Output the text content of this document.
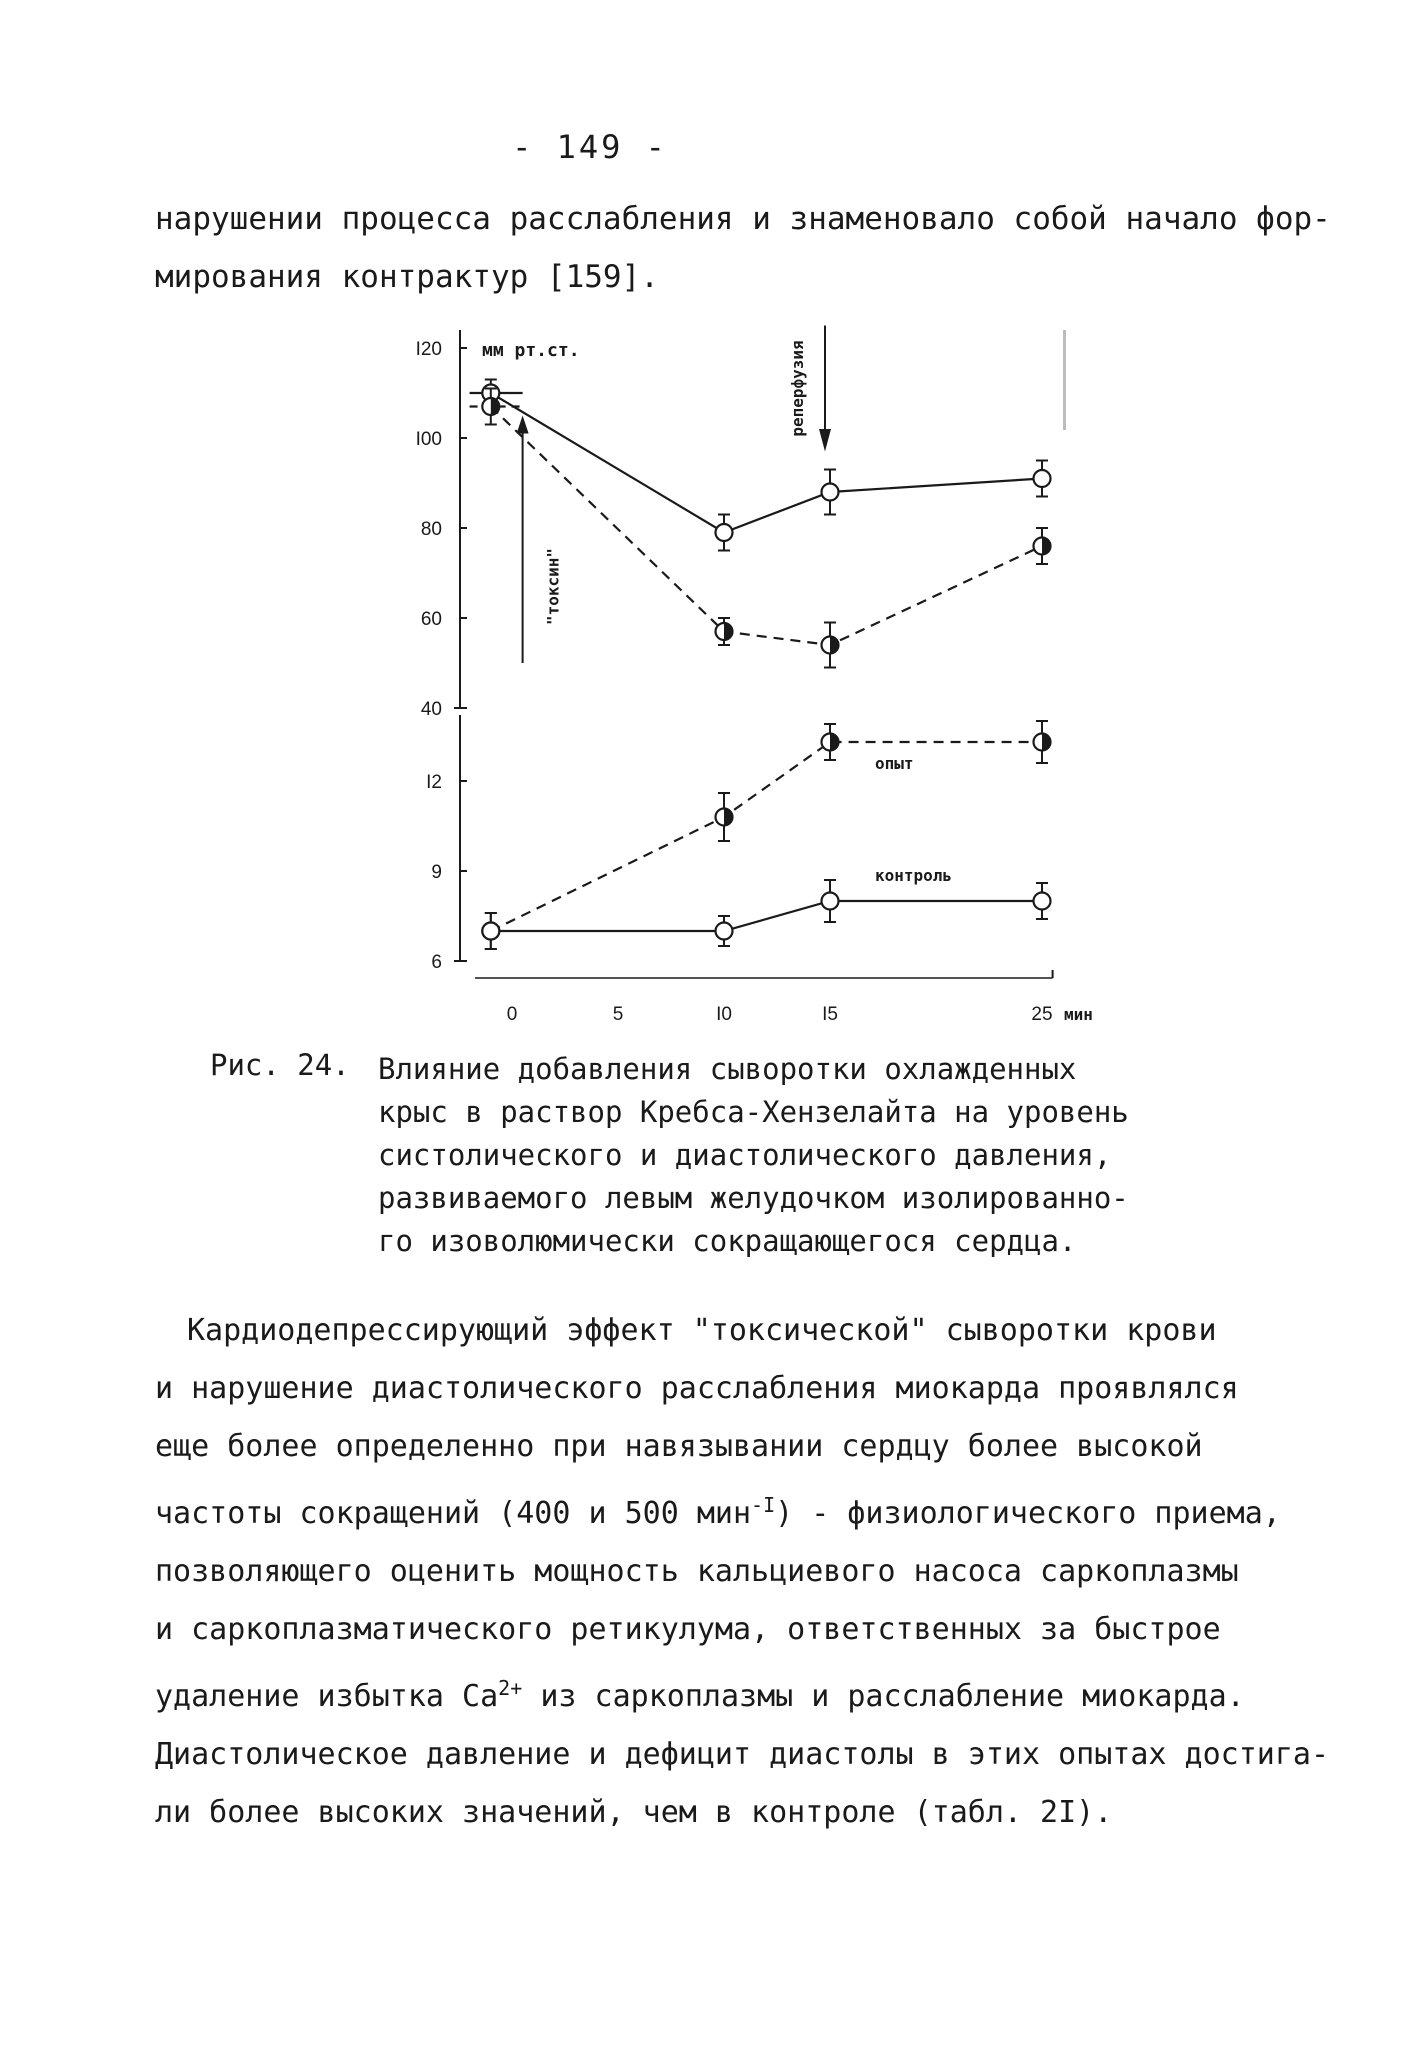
- 149 -
нарушении процесса расслабления и знаменовало собой начало фор-
мирования контрактур [159].
40
60
80
I00
I20 мм рт.ст.
6
9
I2
0	5	I0	I5	25 мин
опыт
контроль
"токсин"
реперфузия
Рис. 24. Влияние добавления сыворотки охлажденных
крыс в раствор Кребса-Хензелайта на уровень
систолического и диастолического давления,
развиваемого левым желудочком изолированно-
го изоволюмически сокращающегося сердца.
Кардиодепрессирующий эффект "токсической" сыворотки крови
и нарушение диастолического расслабления миокарда проявлялся
еще более определенно при навязывании сердцу более высокой
частоты сокращений (400 и 500 мин$^{-I}$) - физиологического приема,
позволяющего оценить мощность кальциевого насоса саркоплазмы
и саркоплазматического ретикулума, ответственных за быстрое
удаление избытка $Ca^{2+}$ из саркоплазмы и расслабление миокарда.
Диастолическое давление и дефицит диастолы в этих опытах достига-
ли более высоких значений, чем в контроле (табл. 2I).
